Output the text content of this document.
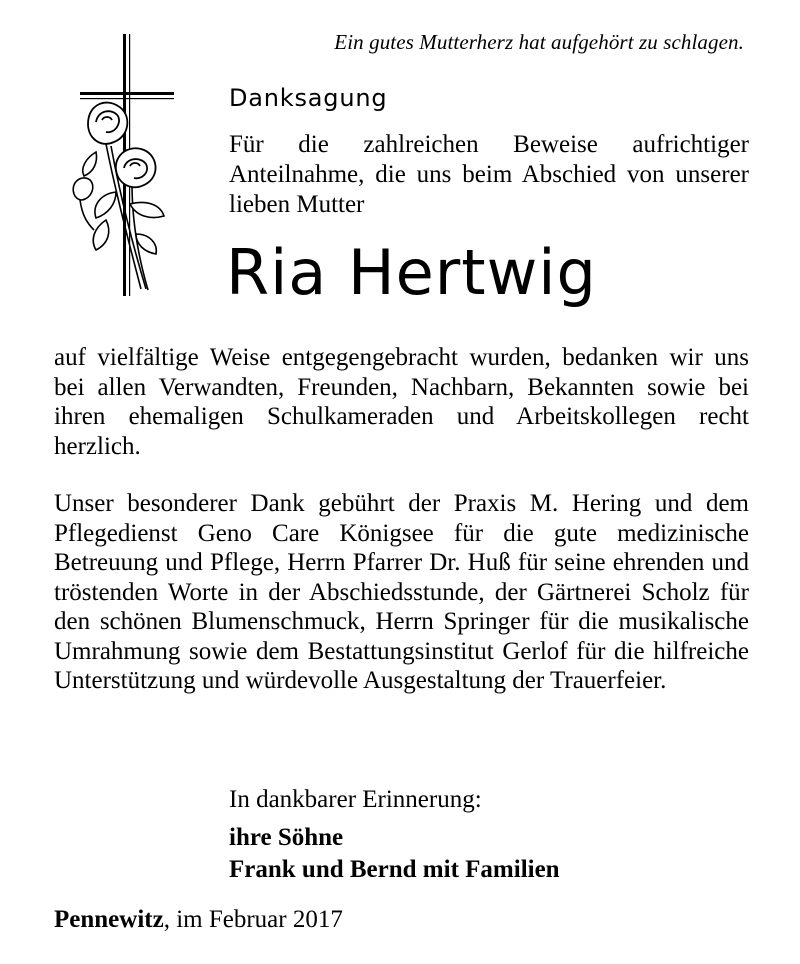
Ein gutes Mutterherz hat aufgehört zu schlagen.
Danksagung
Für die zahlreichen Beweise aufrichtiger Anteilnahme, die uns beim Abschied von unserer lieben Mutter
Ria Hertwig

auf vielfältige Weise entgegengebracht wurden, bedanken wir uns bei allen Verwandten, Freunden, Nachbarn, Bekannten sowie bei ihren ehemaligen Schulkameraden und Arbeitskollegen recht herzlich.

Unser besonderer Dank gebührt der Praxis M. Hering und dem Pflegedienst Geno Care Königsee für die gute medizinische Betreuung und Pflege, Herrn Pfarrer Dr. Huß für seine ehrenden und tröstenden Worte in der Abschiedsstunde, der Gärtnerei Scholz für den schönen Blumenschmuck, Herrn Springer für die musikalische Umrahmung sowie dem Bestattungsinstitut Gerlof für die hilfreiche Unterstützung und würdevolle Ausgestaltung der Trauerfeier.

In dankbarer Erinnerung:
ihre Söhne
Frank und Bernd mit Familien
Pennewitz, im Februar 2017
